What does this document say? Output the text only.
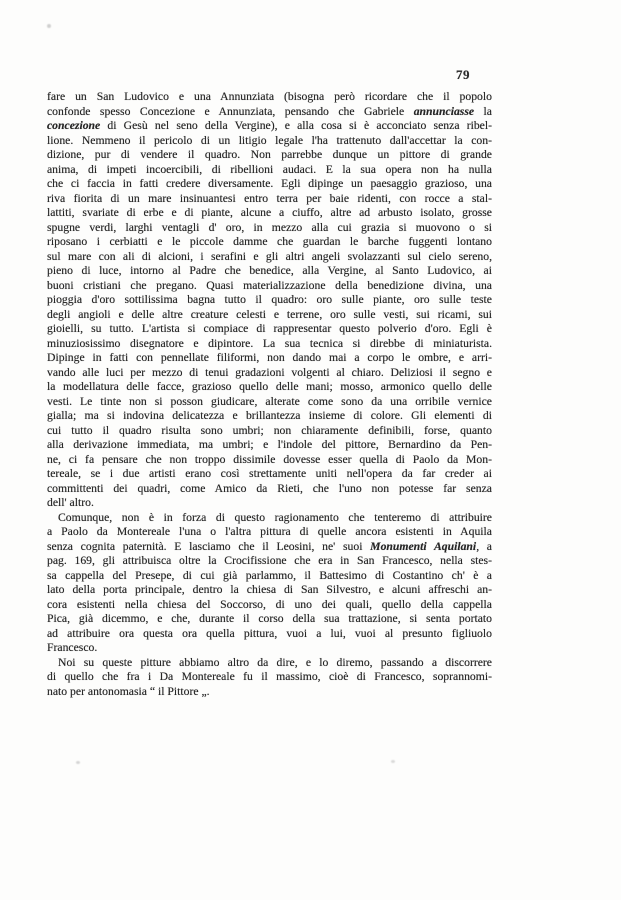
79
fare un San Ludovico e una Annunziata (bisogna però ricordare che il popolo
confonde spesso Concezione e Annunziata, pensando che Gabriele annunciasse la
concezione di Gesù nel seno della Vergine), e alla cosa si è acconciato senza ribel-
lione. Nemmeno il pericolo di un litigio legale l'ha trattenuto dall'accettar la con-
dizione, pur di vendere il quadro. Non parrebbe dunque un pittore di grande
anima, di impeti incoercibili, di ribellioni audaci. E la sua opera non ha nulla
che ci faccia in fatti credere diversamente. Egli dipinge un paesaggio grazioso, una
riva fiorita di un mare insinuantesi entro terra per baie ridenti, con rocce a stal-
lattiti, svariate di erbe e di piante, alcune a ciuffo, altre ad arbusto isolato, grosse
spugne verdi, larghi ventagli d' oro, in mezzo alla cui grazia si muovono o si
riposano i cerbiatti e le piccole damme che guardan le barche fuggenti lontano
sul mare con ali di alcioni, i serafini e gli altri angeli svolazzanti sul cielo sereno,
pieno di luce, intorno al Padre che benedice, alla Vergine, al Santo Ludovico, ai
buoni cristiani che pregano. Quasi materializzazione della benedizione divina, una
pioggia d'oro sottilissima bagna tutto il quadro: oro sulle piante, oro sulle teste
degli angioli e delle altre creature celesti e terrene, oro sulle vesti, sui ricami, sui
gioielli, su tutto. L'artista si compiace di rappresentar questo polverio d'oro. Egli è
minuziosissimo disegnatore e dipintore. La sua tecnica si direbbe di miniaturista.
Dipinge in fatti con pennellate filiformi, non dando mai a corpo le ombre, e arri-
vando alle luci per mezzo di tenui gradazioni volgenti al chiaro. Deliziosi il segno e
la modellatura delle facce, grazioso quello delle mani; mosso, armonico quello delle
vesti. Le tinte non si posson giudicare, alterate come sono da una orribile vernice
gialla; ma si indovina delicatezza e brillantezza insieme di colore. Gli elementi di
cui tutto il quadro risulta sono umbri; non chiaramente definibili, forse, quanto
alla derivazione immediata, ma umbri; e l'indole del pittore, Bernardino da Pen-
ne, ci fa pensare che non troppo dissimile dovesse esser quella di Paolo da Mon-
tereale, se i due artisti erano così strettamente uniti nell'opera da far creder ai
committenti dei quadri, come Amico da Rieti, che l'uno non potesse far senza
dell' altro.
Comunque, non è in forza di questo ragionamento che tenteremo di attribuire
a Paolo da Montereale l'una o l'altra pittura di quelle ancora esistenti in Aquila
senza cognita paternità. E lasciamo che il Leosini, ne' suoi Monumenti Aquilani, a
pag. 169, gli attribuisca oltre la Crocifissione che era in San Francesco, nella stes-
sa cappella del Presepe, di cui già parlammo, il Battesimo di Costantino ch' è a
lato della porta principale, dentro la chiesa di San Silvestro, e alcuni affreschi an-
cora esistenti nella chiesa del Soccorso, di uno dei quali, quello della cappella
Pica, già dicemmo, e che, durante il corso della sua trattazione, si senta portato
ad attribuire ora questa ora quella pittura, vuoi a lui, vuoi al presunto figliuolo
Francesco.
Noi su queste pitture abbiamo altro da dire, e lo diremo, passando a discorrere
di quello che fra i Da Montereale fu il massimo, cioè di Francesco, soprannomi-
nato per antonomasia “ il Pittore „.
